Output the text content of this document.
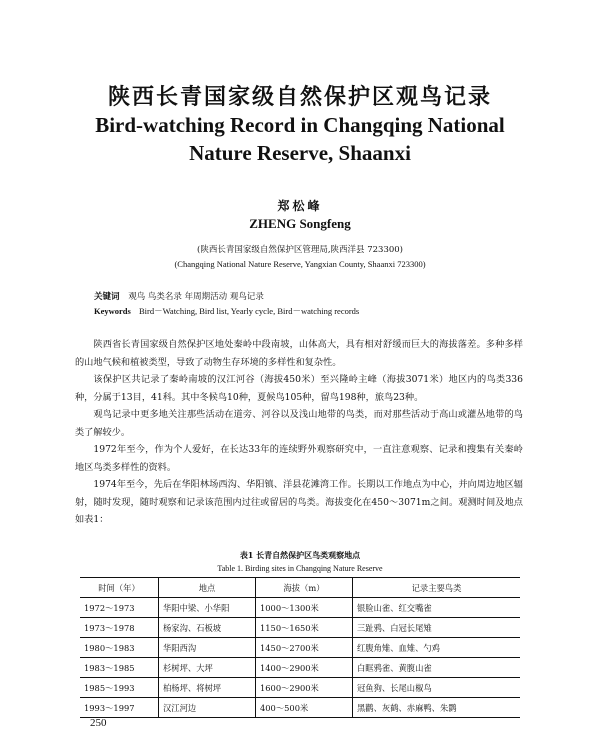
陕西长青国家级自然保护区观鸟记录
Bird-watching Record in Changqing National
Nature Reserve, Shaanxi
郑松峰
ZHENG Songfeng
(陕西长青国家级自然保护区管理局,陕西洋县 723300)
(Changqing National Nature Reserve, Yangxian County, Shaanxi 723300)
关键词 观鸟 鸟类名录 年周期活动 观鸟记录
Keywords Bird－Watching, Bird list, Yearly cycle, Bird－watching records

陕西省长青国家级自然保护区地处秦岭中段南坡，山体高大，具有相对舒缓而巨大的海拔落差。多种多样的山地气候和植被类型，导致了动物生存环境的多样性和复杂性。

该保护区共记录了秦岭南坡的汉江河谷（海拔450米）至兴隆岭主峰（海拔3071米）地区内的鸟类336种，分属于13目，41科。其中冬候鸟10种，夏候鸟105种，留鸟198种，旅鸟23种。

观鸟记录中更多地关注那些活动在道旁、河谷以及浅山地带的鸟类，而对那些活动于高山或灌丛地带的鸟类了解较少。

1972年至今，作为个人爱好，在长达33年的连续野外观察研究中，一直注意观察、记录和搜集有关秦岭地区鸟类多样性的资料。

1974年至今，先后在华阳林场西沟、华阳镇、洋县花滩湾工作。长期以工作地点为中心，并向周边地区辐射，随时发现，随时观察和记录该范围内过往或留居的鸟类。海拔变化在450～3071m之间。观测时间及地点如表1：

表1 长青自然保护区鸟类观察地点
Table 1. Birding sites in Changqing Nature Reserve
时间（年）	地点	海拔（m）	记录主要鸟类
1972～1973	华阳中梁、小华阳	1000～1300米	银脸山雀、红交嘴雀
1973～1978	杨家沟、石板坡	1150～1650米	三趾鸦、白冠长尾雉
1980～1983	华阳西沟	1450～2700米	红腹角雉、血雉、勺鸡
1983～1985	杉树坪、大坪	1400～2900米	白眶鸦雀、黄腹山雀
1985～1993	柏杨坪、将树坪	1600～2900米	冠鱼狗、长尾山椒鸟
1993～1997	汉江河边	400～500米	黑鹳、灰鹤、赤麻鸭、朱鹮
250
